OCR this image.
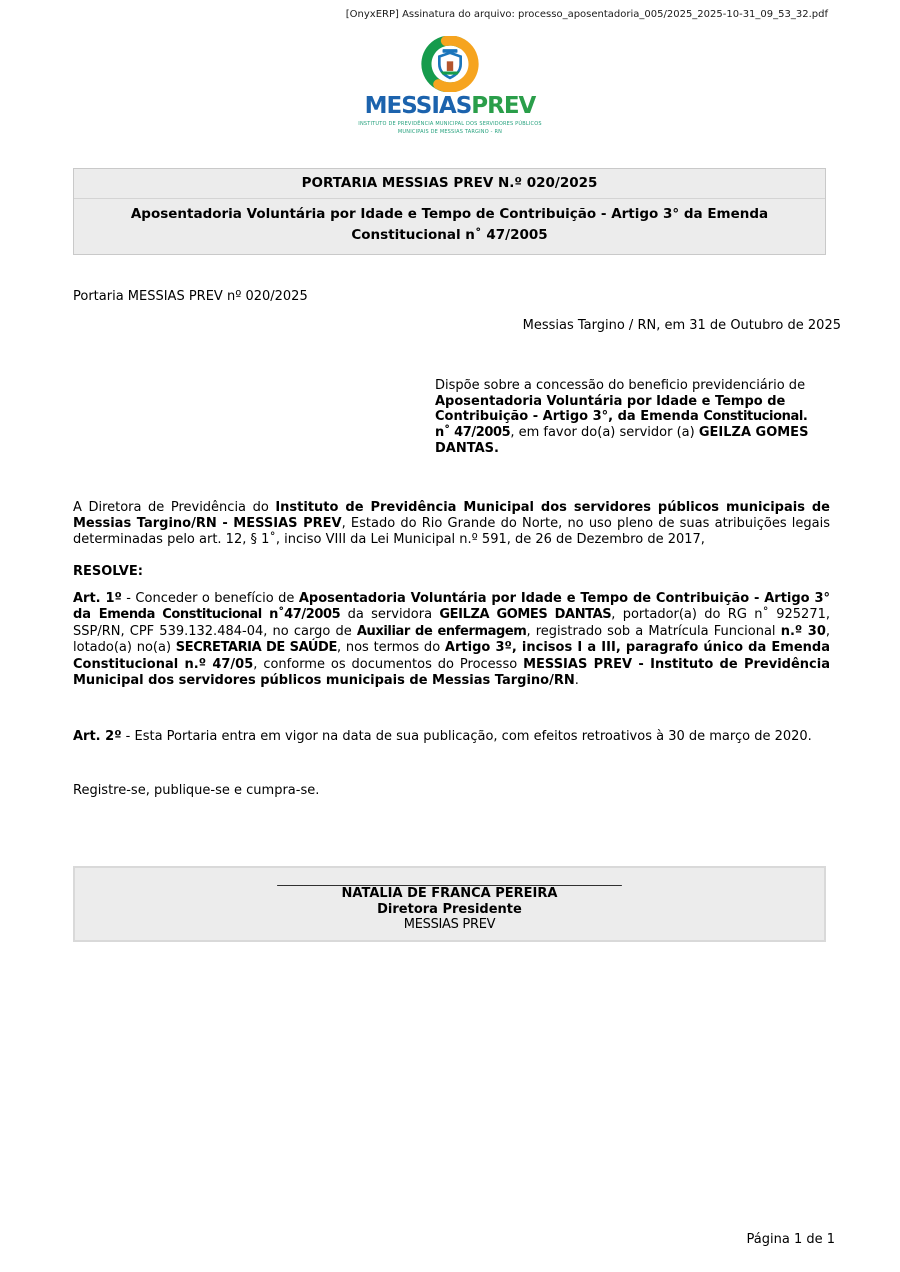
[OnyxERP] Assinatura do arquivo: processo_aposentadoria_005/2025_2025-10-31_09_53_32.pdf
MESSIASPREV
INSTITUTO DE PREVIDÊNCIA MUNICIPAL DOS SERVIDORES PÚBLICOS
MUNICIPAIS DE MESSIAS TARGINO - RN
PORTARIA MESSIAS PREV N.º 020/2025
Aposentadoria Voluntária por Idade e Tempo de Contribuição - Artigo 3° da Emenda Constitucional n˚ 47/2005
Portaria MESSIAS PREV nº 020/2025
Messias Targino / RN, em 31 de Outubro de 2025
Dispõe sobre a concessão do beneficio previdenciário de Aposentadoria Voluntária por Idade e Tempo de Contribuição - Artigo 3°, da Emenda Constitucional. n˚ 47/2005, em favor do(a) servidor (a) GEILZA GOMES DANTAS.
A Diretora de Previdência do Instituto de Previdência Municipal dos servidores públicos municipais de Messias Targino/RN - MESSIAS PREV, Estado do Rio Grande do Norte, no uso pleno de suas atribuições legais determinadas pelo art. 12, § 1˚, inciso VIII da Lei Municipal n.º 591, de 26 de Dezembro de 2017,
RESOLVE:
Art. 1º - Conceder o benefício de Aposentadoria Voluntária por Idade e Tempo de Contribuição - Artigo 3° da Emenda Constitucional n˚47/2005 da servidora GEILZA GOMES DANTAS, portador(a) do RG n˚ 925271, SSP/RN, CPF 539.132.484-04, no cargo de Auxiliar de enfermagem, registrado sob a Matrícula Funcional n.º 30, lotado(a) no(a) SECRETARIA DE SAÚDE, nos termos do Artigo 3º, incisos I a III, paragrafo único da Emenda Constitucional n.º 47/05, conforme os documentos do Processo MESSIAS PREV - Instituto de Previdência Municipal dos servidores públicos municipais de Messias Targino/RN.
Art. 2º - Esta Portaria entra em vigor na data de sua publicação, com efeitos retroativos à 30 de março de 2020.
Registre-se, publique-se e cumpra-se.
_____________________________________________________
NATALIA DE FRANCA PEREIRA
Diretora Presidente
MESSIAS PREV
Página 1 de 1
